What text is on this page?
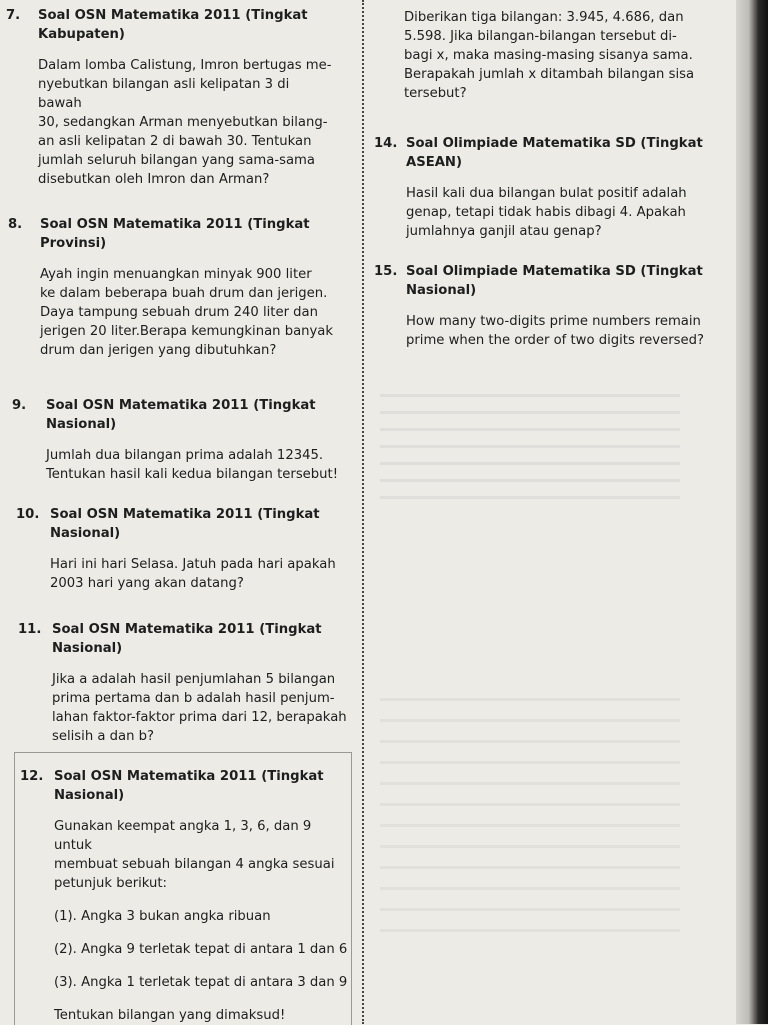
7. Soal OSN Matematika 2011 (Tingkat
Kabupaten)

Dalam lomba Calistung, Imron bertugas me-

nyebutkan bilangan asli kelipatan 3 di bawah

30, sedangkan Arman menyebutkan bilang-

an asli kelipatan 2 di bawah 30. Tentukan

jumlah seluruh bilangan yang sama-sama

disebutkan oleh Imron dan Arman?

8. Soal OSN Matematika 2011 (Tingkat
Provinsi)

Ayah ingin menuangkan minyak 900 liter

ke dalam beberapa buah drum dan jerigen.

Daya tampung sebuah drum 240 liter dan

jerigen 20 liter.Berapa kemungkinan banyak

drum dan jerigen yang dibutuhkan?

9. Soal OSN Matematika 2011 (Tingkat
Nasional)

Jumlah dua bilangan prima adalah 12345.

Tentukan hasil kali kedua bilangan tersebut!

10. Soal OSN Matematika 2011 (Tingkat
Nasional)

Hari ini hari Selasa. Jatuh pada hari apakah

2003 hari yang akan datang?

11. Soal OSN Matematika 2011 (Tingkat
Nasional)

Jika a adalah hasil penjumlahan 5 bilangan

prima pertama dan b adalah hasil penjum-

lahan faktor-faktor prima dari 12, berapakah

selisih a dan b?

12. Soal OSN Matematika 2011 (Tingkat
Nasional)

Gunakan keempat angka 1, 3, 6, dan 9 untuk

membuat sebuah bilangan 4 angka sesuai

petunjuk berikut:

(1). Angka 3 bukan angka ribuan
(2). Angka 9 terletak tepat di antara 1 dan 6
(3). Angka 1 terletak tepat di antara 3 dan 9
Tentukan bilangan yang dimaksud!

Diberikan tiga bilangan: 3.945, 4.686, dan

5.598. Jika bilangan-bilangan tersebut di-

bagi x, maka masing-masing sisanya sama.

Berapakah jumlah x ditambah bilangan sisa

tersebut?

14. Soal Olimpiade Matematika SD (Tingkat
ASEAN)

Hasil kali dua bilangan bulat positif adalah

genap, tetapi tidak habis dibagi 4. Apakah

jumlahnya ganjil atau genap?

15. Soal Olimpiade Matematika SD (Tingkat
Nasional)

How many two-digits prime numbers remain

prime when the order of two digits reversed?
